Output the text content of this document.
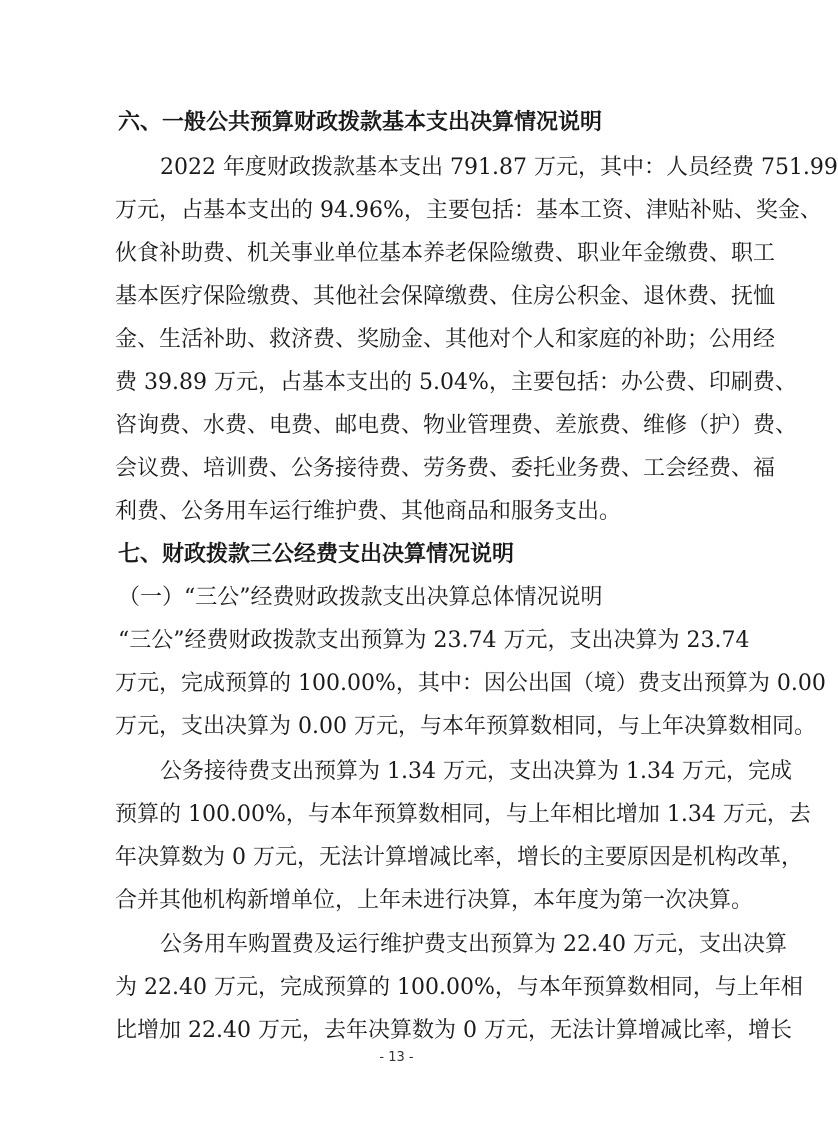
六、一般公共预算财政拨款基本支出决算情况说明
2022 年度财政拨款基本支出 791.87 万元，其中：人员经费 751.99
万元，占基本支出的 94.96%，主要包括：基本工资、津贴补贴、奖金、
伙食补助费、机关事业单位基本养老保险缴费、职业年金缴费、职工
基本医疗保险缴费、其他社会保障缴费、住房公积金、退休费、抚恤
金、生活补助、救济费、奖励金、其他对个人和家庭的补助；公用经
费 39.89 万元，占基本支出的 5.04%，主要包括：办公费、印刷费、
咨询费、水费、电费、邮电费、物业管理费、差旅费、维修（护）费、
会议费、培训费、公务接待费、劳务费、委托业务费、工会经费、福
利费、公务用车运行维护费、其他商品和服务支出。
七、财政拨款三公经费支出决算情况说明
（一）“三公”经费财政拨款支出决算总体情况说明
“三公”经费财政拨款支出预算为 23.74 万元，支出决算为 23.74
万元，完成预算的 100.00%，其中：因公出国（境）费支出预算为 0.00
万元，支出决算为 0.00 万元，与本年预算数相同，与上年决算数相同。
公务接待费支出预算为 1.34 万元，支出决算为 1.34 万元，完成
预算的 100.00%，与本年预算数相同，与上年相比增加 1.34 万元，去
年决算数为 0 万元，无法计算增减比率，增长的主要原因是机构改革，
合并其他机构新增单位，上年未进行决算，本年度为第一次决算。
公务用车购置费及运行维护费支出预算为 22.40 万元，支出决算
为 22.40 万元，完成预算的 100.00%，与本年预算数相同，与上年相
比增加 22.40 万元，去年决算数为 0 万元，无法计算增减比率，增长
- 13 -
